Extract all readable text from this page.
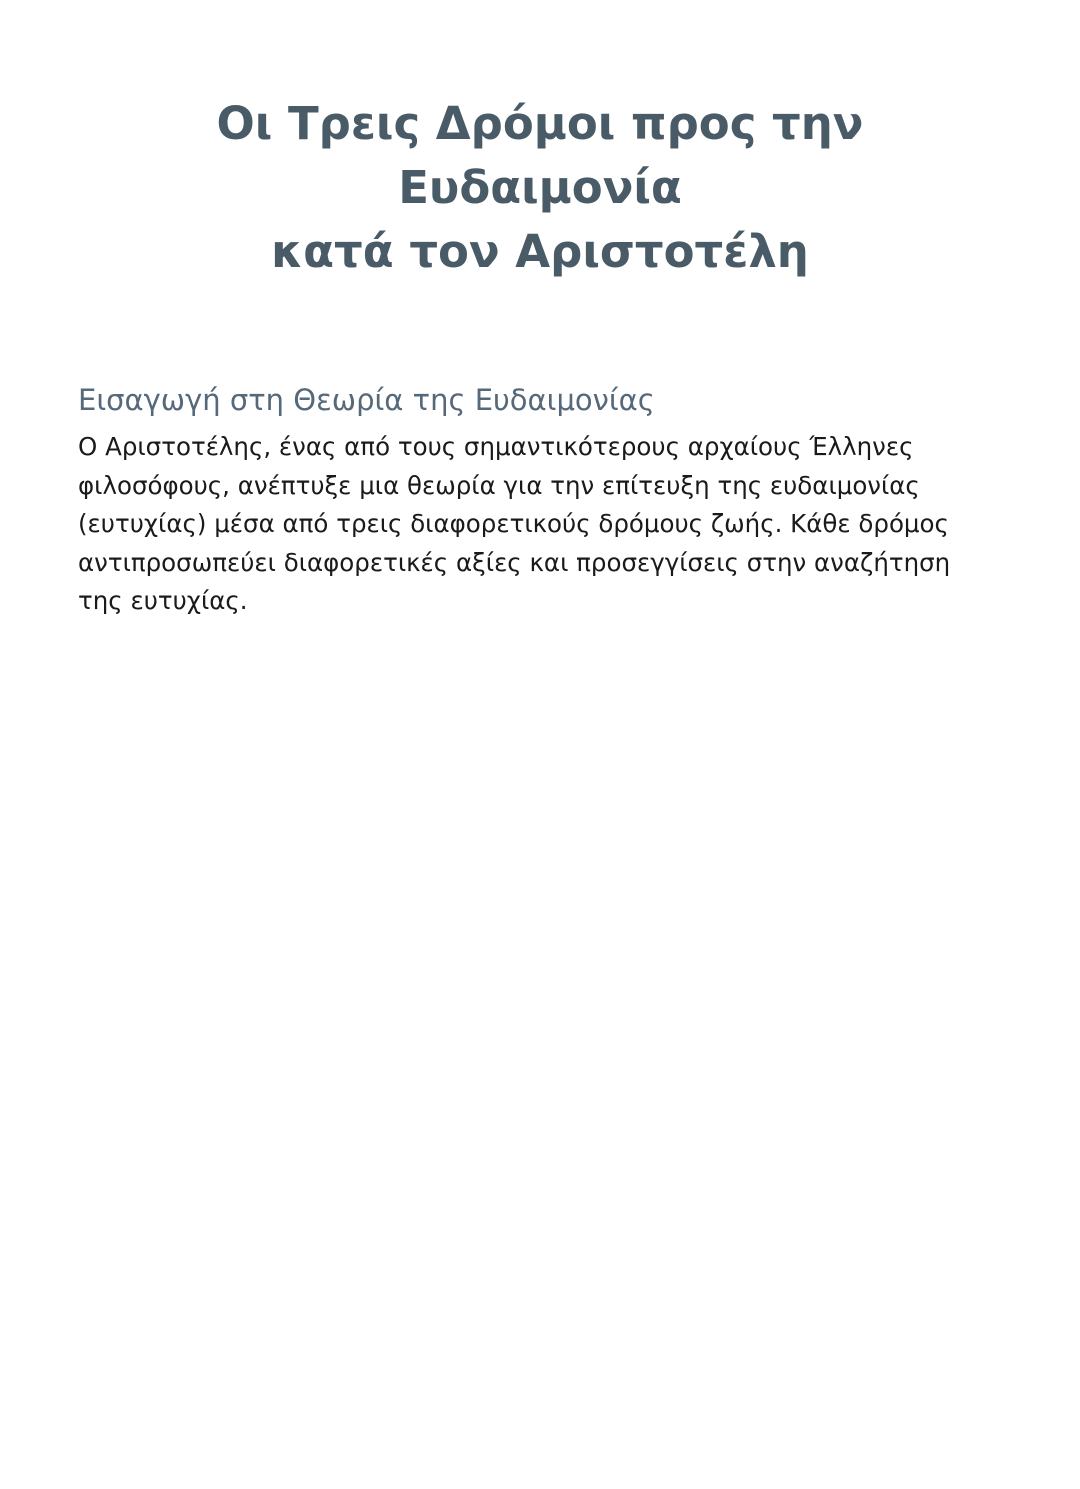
Οι Τρεις Δρόμοι προς την Ευδαιμονία
κατά τον Αριστοτέλη
Εισαγωγή στη Θεωρία της Ευδαιμονίας

Ο Αριστοτέλης, ένας από τους σημαντικότερους αρχαίους Έλληνες φιλοσόφους, ανέπτυξε μια θεωρία για την επίτευξη της ευδαιμονίας (ευτυχίας) μέσα από τρεις διαφορετικούς δρόμους ζωής. Κάθε δρόμος αντιπροσωπεύει διαφορετικές αξίες και προσεγγίσεις στην αναζήτηση της ευτυχίας.
